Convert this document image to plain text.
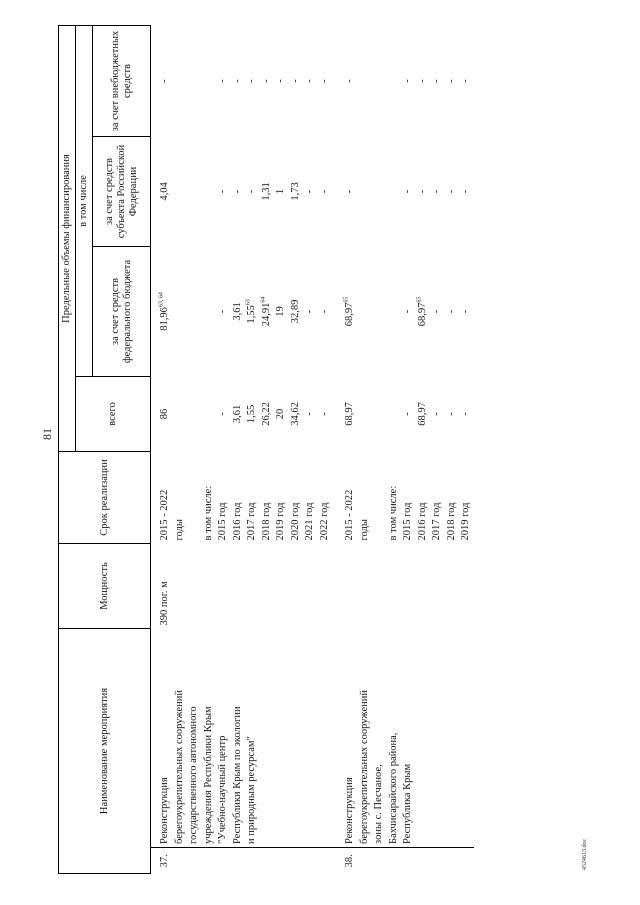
81
4524613.doc
Наименование мероприятия		Мощность	Срок реализации	Предельные объемы финансирования			
				всего	в том числе		
					за счет средств федерального бюджета	за счет средств субъекта Российской Федерации	за счет внебюджетных средств
37.	Реконструкция	390 пог. м	2015 - 2022	86	81,96$^{63, 64}$	4,04	-
	берегоукрепительных сооружений		годы				
	государственного автономного						
	учреждения Республики Крым		в том числе:				
	"Учебно-научный центр		2015 год	-	-	-	-
	Республики Крым по экологии		2016 год	3,61	3,61	-	-
	и природным ресурсам"		2017 год	1,55	1,55$^{63}$	-	-
			2018 год	26,22	24,91$^{64}$	1,31	-
			2019 год	20	19	1	-
			2020 год	34,62	32,89	1,73	-
			2021 год	-	-	-	-
			2022 год	-	-	-	-
38.	Реконструкция		2015 - 2022	68,97	68,97$^{65}$	-	-
	берегоукрепительных сооружений		годы				
	зоны с. Песчаное,						
	Бахчисарайского района,		в том числе:				
	Республика Крым		2015 год	-	-	-	-
			2016 год	68,97	68,97$^{65}$	-	-
			2017 год	-	-	-	-
			2018 год	-	-	-	-
			2019 год	-	-	-	-
